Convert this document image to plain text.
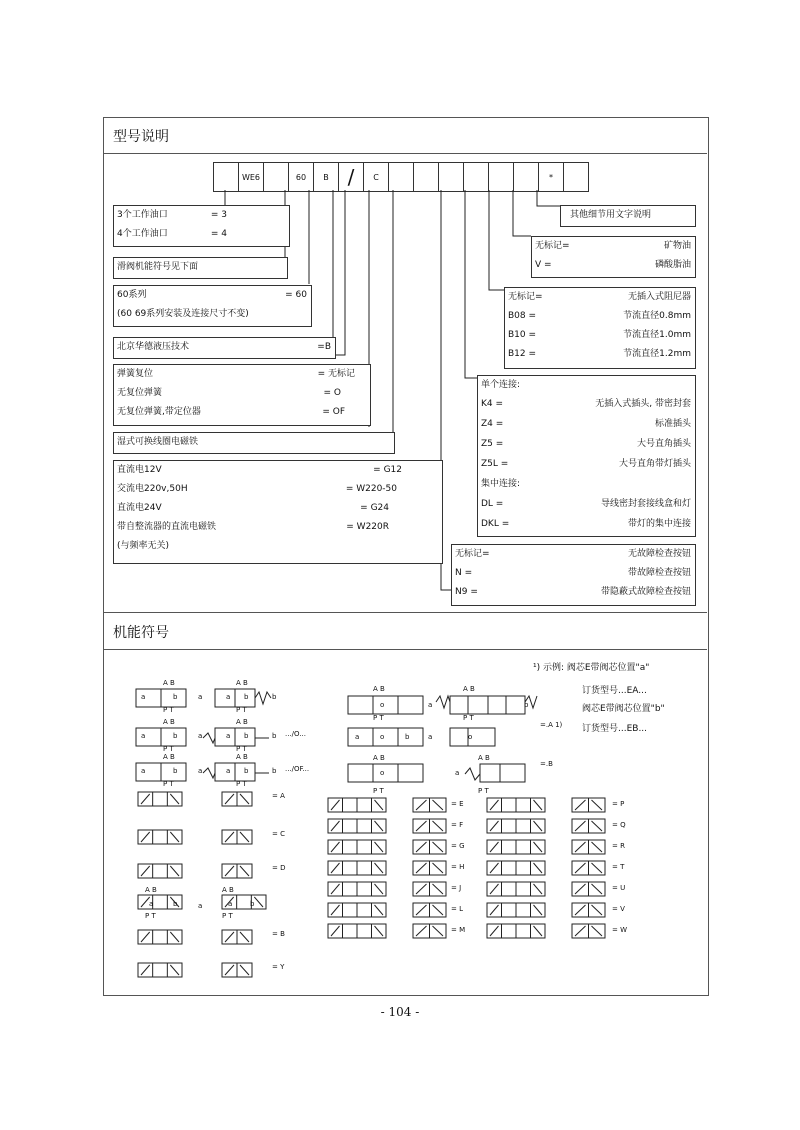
型号说明
机能符号
WE6	60	B /	C	*
3个工作油口	= 3
4个工作油口	= 4
滑阀机能符号见下面
60系列	= 60
(60 69系列安装及连接尺寸不变)
北京华德液压技术	=B
弹簧复位	= 无标记
无复位弹簧	= O
无复位弹簧,带定位器	= OF
湿式可换线圈电磁铁
直流电12V	= G12
交流电220v,50H	= W220-50
直流电24V	= G24
带自整流器的直流电磁铁	= W220R
(与频率无关)
其他细节用文字说明
无标记=	矿物油
V =	磷酸脂油
无标记=	无插入式阻尼器
B08 =	节流直径0.8mm
B10 =	节流直径1.0mm
B12 =	节流直径1.2mm
单个连接:
K4 =	无插入式插头, 带密封套
Z4 =	标准插头
Z5 =	大号直角插头
Z5L =	大号直角带灯插头
集中连接:
DL =	导线密封套接线盒和灯
DKL =	带灯的集中连接
无标记=	无故障检查按钮
N =	带故障检查按钮
N9 =	带隐蔽式故障检查按钮
¹) 示例: 阀芯E带阀芯位置"a"
订货型号...EA...
阀芯E带阀芯位置"b"
订货型号...EB...
A B
P T
A B
P T
A B
P T
A B
P T
A B
P T
A B
P T
a	b
a	b
a	b
a	a b	b
a	a b	b
a	a b	b
.../O...
.../OF...
A B
P T
o
a	o	b
A B
o
P T
A B
P T
a	b
a	o
A B
P T
a
=.A 1)
=.B
= A
= C
= D
= B
= Y
A B
P T
a	b
A B
P T
a	a	b
= E	= P
= F	= Q
= G	= R
= H	= T
= J	= U
= L	= V
= M	= W
- 104 -
